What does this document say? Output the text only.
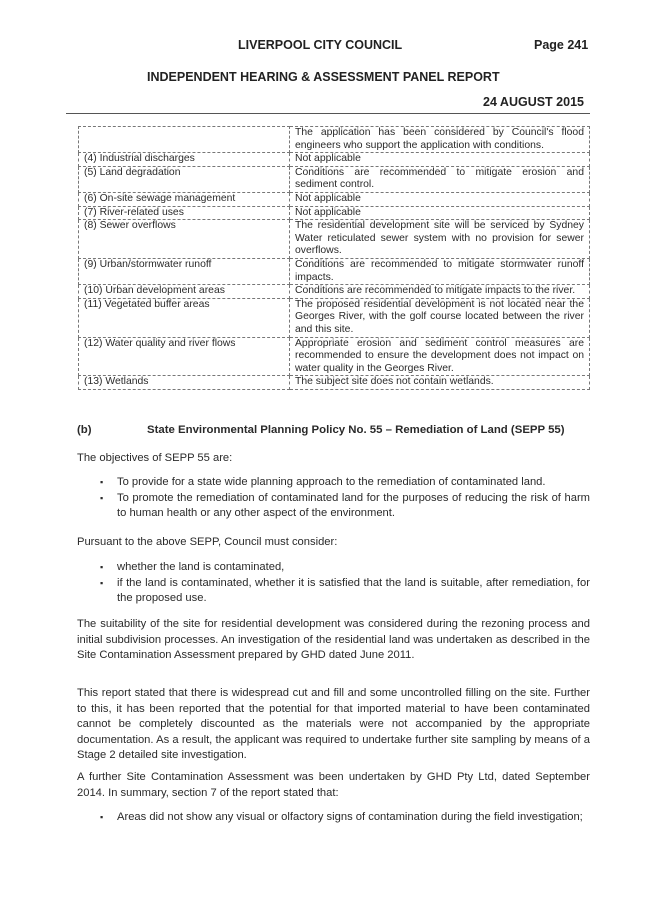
LIVERPOOL CITY COUNCIL	Page 241
INDEPENDENT HEARING & ASSESSMENT PANEL REPORT
24 AUGUST 2015
	The application has been considered by Council's flood engineers who support the application with conditions.
(4) Industrial discharges	Not applicable
(5) Land degradation	Conditions are recommended to mitigate erosion and sediment control.
(6) On-site sewage management	Not applicable
(7) River-related uses	Not applicable
(8) Sewer overflows	The residential development site will be serviced by Sydney Water reticulated sewer system with no provision for sewer overflows.
(9) Urban/stormwater runoff	Conditions are recommended to mitigate stormwater runoff impacts.
(10) Urban development areas	Conditions are recommended to mitigate impacts to the river.
(11) Vegetated buffer areas	The proposed residential development is not located near the Georges River, with the golf course located between the river and this site.
(12) Water quality and river flows	Appropriate erosion and sediment control measures are recommended to ensure the development does not impact on water quality in the Georges River.
(13) Wetlands	The subject site does not contain wetlands.
(b)	State Environmental Planning Policy No. 55 – Remediation of Land (SEPP 55)
The objectives of SEPP 55 are:
▪ To provide for a state wide planning approach to the remediation of contaminated land.
▪ To promote the remediation of contaminated land for the purposes of reducing the risk of harm to human health or any other aspect of the environment.
Pursuant to the above SEPP, Council must consider:
▪ whether the land is contaminated,
▪ if the land is contaminated, whether it is satisfied that the land is suitable, after remediation, for the proposed use.
The suitability of the site for residential development was considered during the rezoning process and initial subdivision processes. An investigation of the residential land was undertaken as described in the Site Contamination Assessment prepared by GHD dated June 2011.
This report stated that there is widespread cut and fill and some uncontrolled filling on the site. Further to this, it has been reported that the potential for that imported material to have been contaminated cannot be completely discounted as the materials were not accompanied by the appropriate documentation. As a result, the applicant was required to undertake further site sampling by means of a Stage 2 detailed site investigation.
A further Site Contamination Assessment was been undertaken by GHD Pty Ltd, dated September 2014. In summary, section 7 of the report stated that:
▪ Areas did not show any visual or olfactory signs of contamination during the field investigation;
